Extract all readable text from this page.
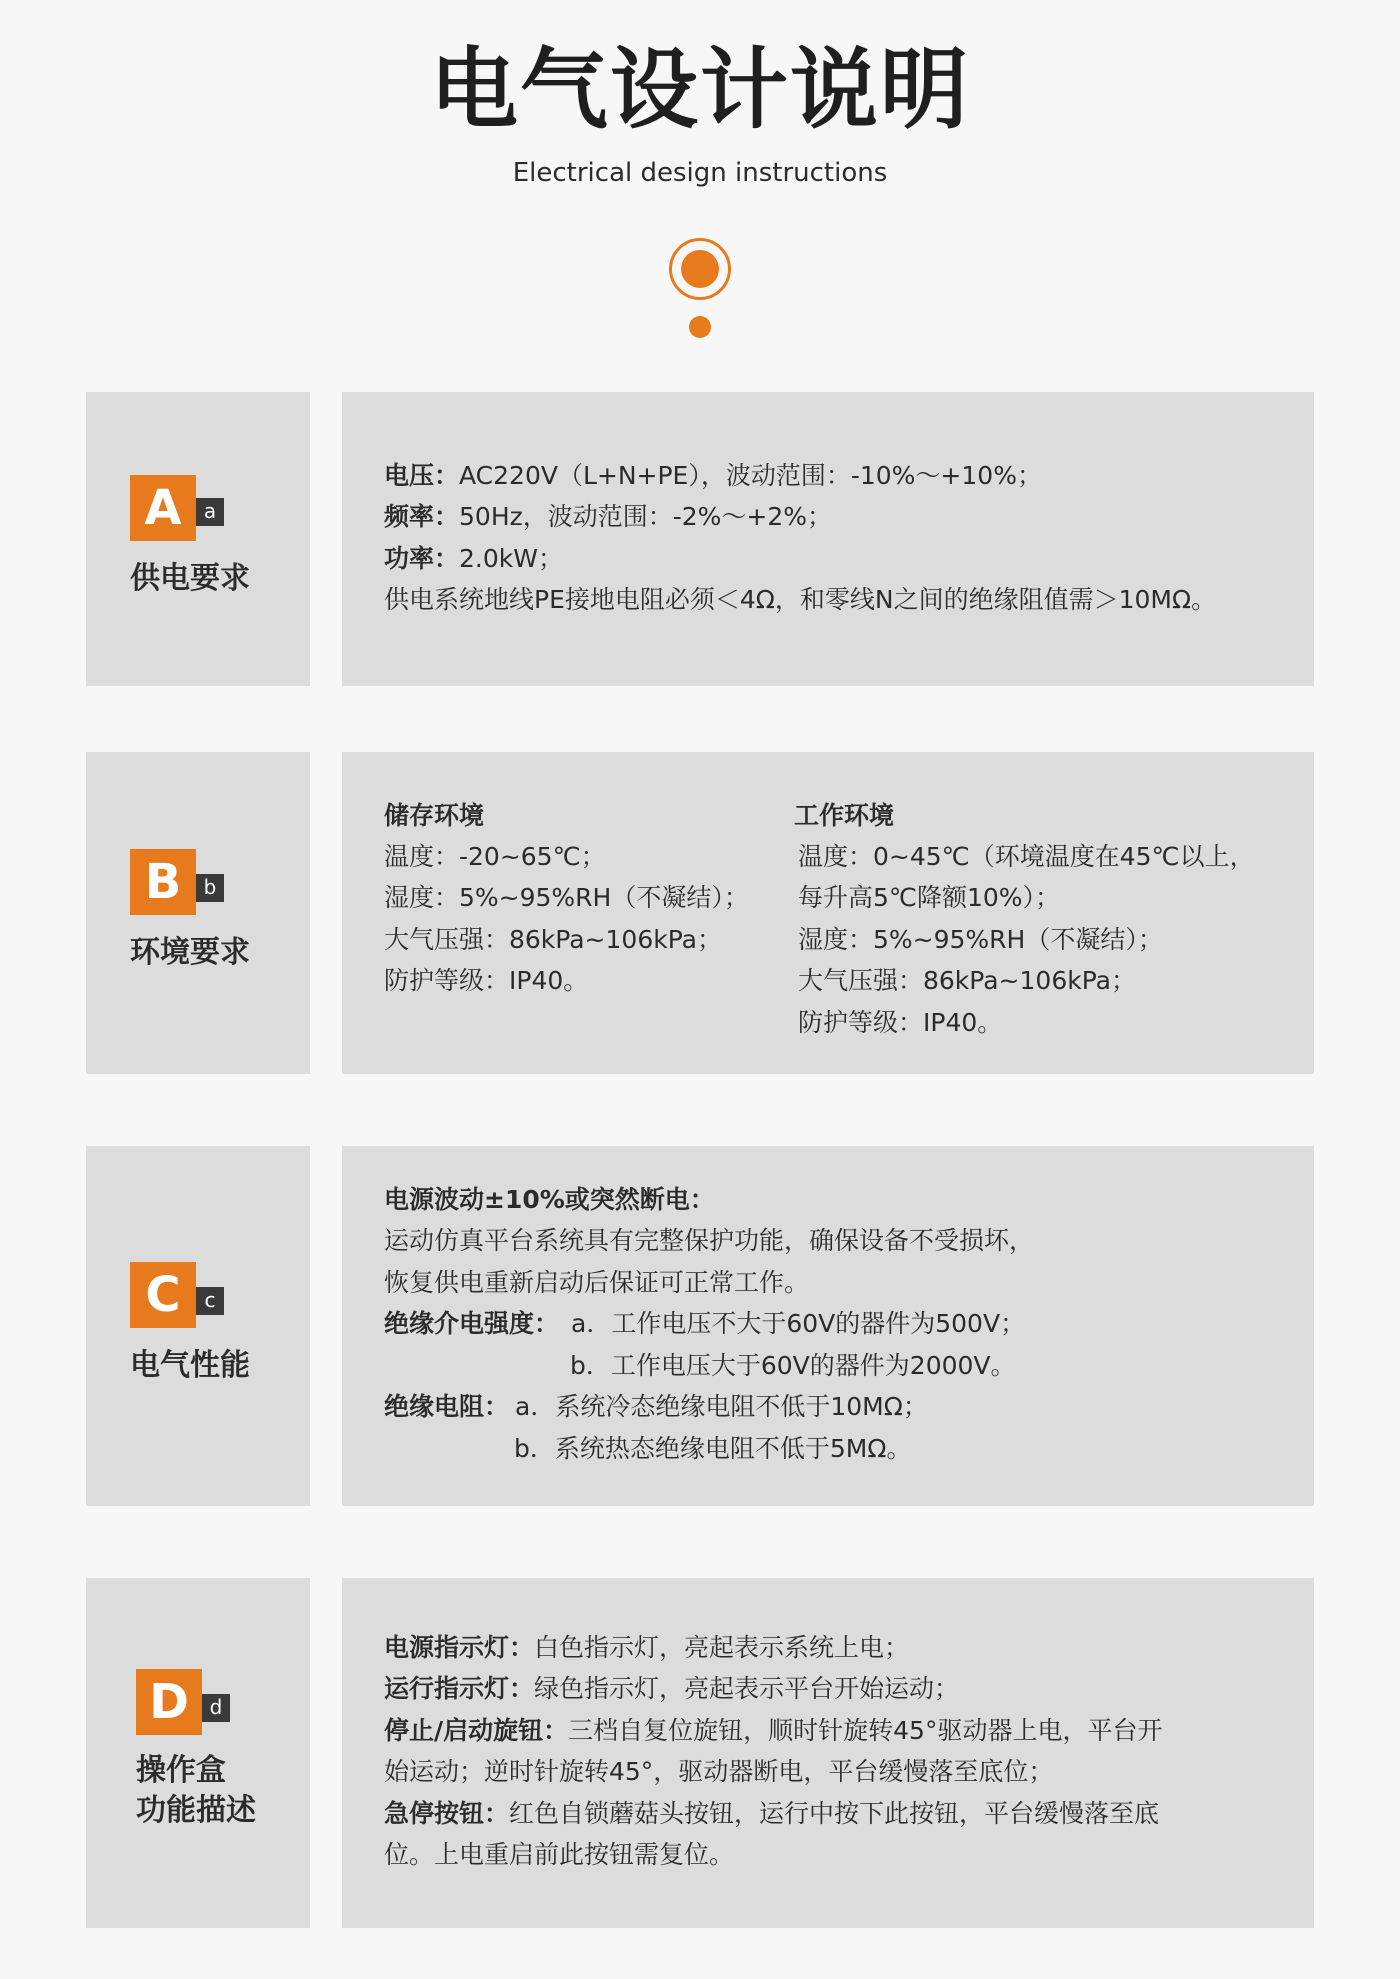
电气设计说明
Electrical design instructions
A	a
供电要求
电压：AC220V（L+N+PE），波动范围：-10%～+10%；
频率：50Hz，波动范围：-2%～+2%；
功率：2.0kW；
供电系统地线PE接地电阻必须＜4Ω，和零线N之间的绝缘阻值需＞10MΩ。
B	b
环境要求
储存环境
温度：-20~65℃；
湿度：5%~95%RH（不凝结）；
大气压强：86kPa~106kPa；
防护等级：IP40。
工作环境
温度：0~45℃（环境温度在45℃以上，
每升高5℃降额10%）；
湿度：5%~95%RH（不凝结）；
大气压强：86kPa~106kPa；
防护等级：IP40。
C	c
电气性能
电源波动±10%或突然断电：
运动仿真平台系统具有完整保护功能，确保设备不受损坏，
恢复供电重新启动后保证可正常工作。
绝缘介电强度： a．工作电压不大于60V的器件为500V；
b．工作电压大于60V的器件为2000V。
绝缘电阻： a．系统冷态绝缘电阻不低于10MΩ；
b．系统热态绝缘电阻不低于5MΩ。
D	d
操作盒
功能描述
电源指示灯：白色指示灯，亮起表示系统上电；
运行指示灯：绿色指示灯，亮起表示平台开始运动；
停止/启动旋钮：三档自复位旋钮，顺时针旋转45°驱动器上电，平台开
始运动；逆时针旋转45°，驱动器断电，平台缓慢落至底位；
急停按钮：红色自锁蘑菇头按钮，运行中按下此按钮，平台缓慢落至底
位。上电重启前此按钮需复位。
